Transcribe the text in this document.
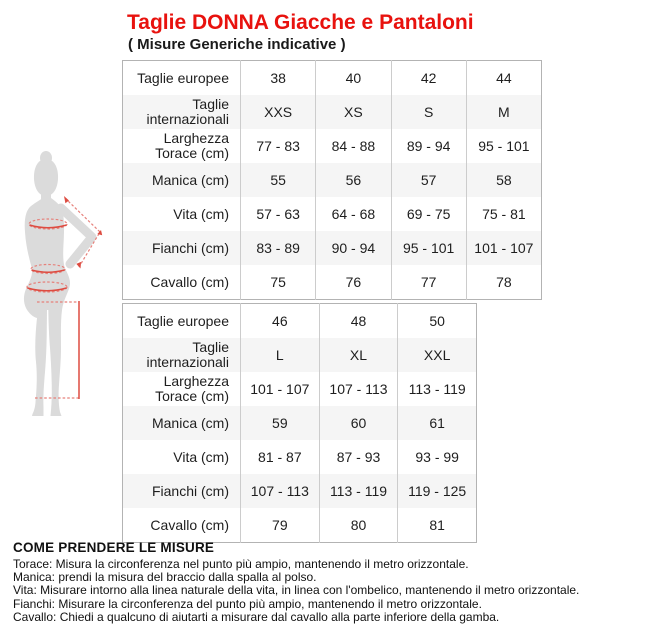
Taglie DONNA Giacche e Pantaloni
( Misure Generiche indicative )
Taglie europee	38	40	42	44
Taglie internazionali	XXS	XS	S	M
Larghezza Torace (cm)	77 - 83	84 - 88	89 - 94	95 - 101
Manica (cm)	55	56	57	58
Vita (cm)	57 - 63	64 - 68	69 - 75	75 - 81
Fianchi (cm)	83 - 89	90 - 94	95 - 101	101 - 107
Cavallo (cm)	75	76	77	78
Taglie europee	46	48	50
Taglie internazionali	L	XL	XXL
Larghezza Torace (cm)	101 - 107	107 - 113	113 - 119
Manica (cm)	59	60	61
Vita (cm)	81 - 87	87 - 93	93 - 99
Fianchi (cm)	107 - 113	113 - 119	119 - 125
Cavallo (cm)	79	80	81
COME PRENDERE LE MISURE
Torace: Misura la circonferenza nel punto più ampio, mantenendo il metro orizzontale.
Manica: prendi la misura del braccio dalla spalla al polso.
Vita: Misurare intorno alla linea naturale della vita, in linea con l'ombelico, mantenendo il metro orizzontale.
Fianchi: Misurare la circonferenza del punto più ampio, mantenendo il metro orizzontale.
Cavallo: Chiedi a qualcuno di aiutarti a misurare dal cavallo alla parte inferiore della gamba.
